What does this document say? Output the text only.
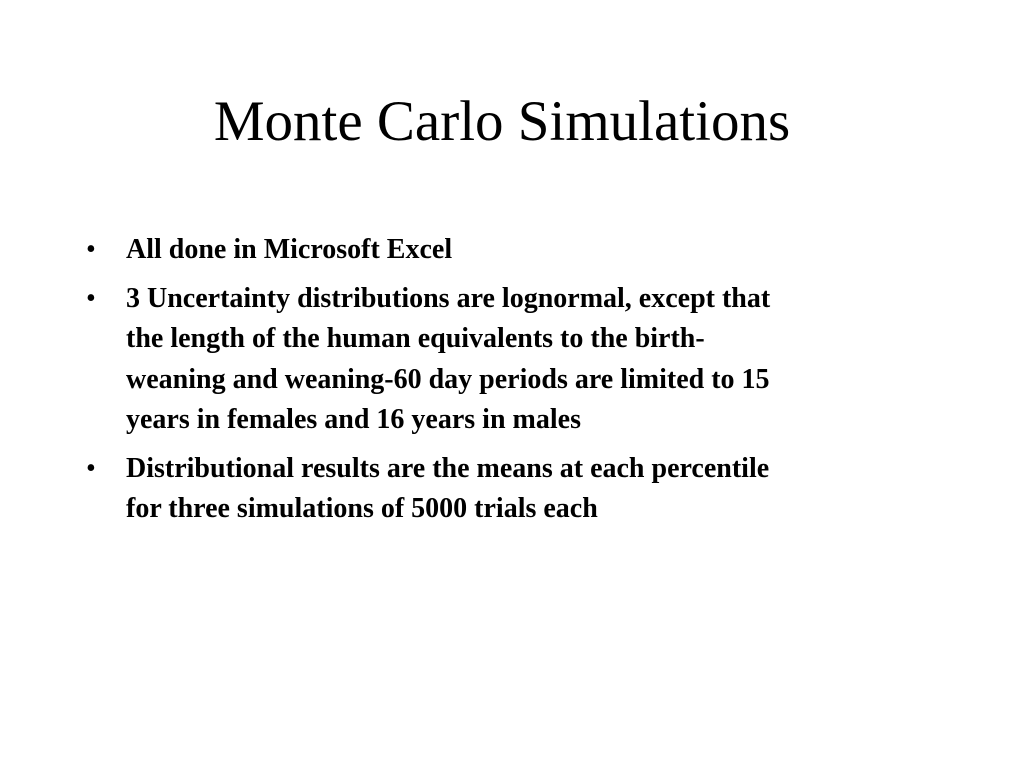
Monte Carlo Simulations
•	All done in Microsoft Excel
•	3 Uncertainty distributions are lognormal, except that
the length of the human equivalents to the birth-
weaning and weaning-60 day periods are limited to 15
years in females and 16 years in males
•	Distributional results are the means at each percentile
for three simulations of 5000 trials each
